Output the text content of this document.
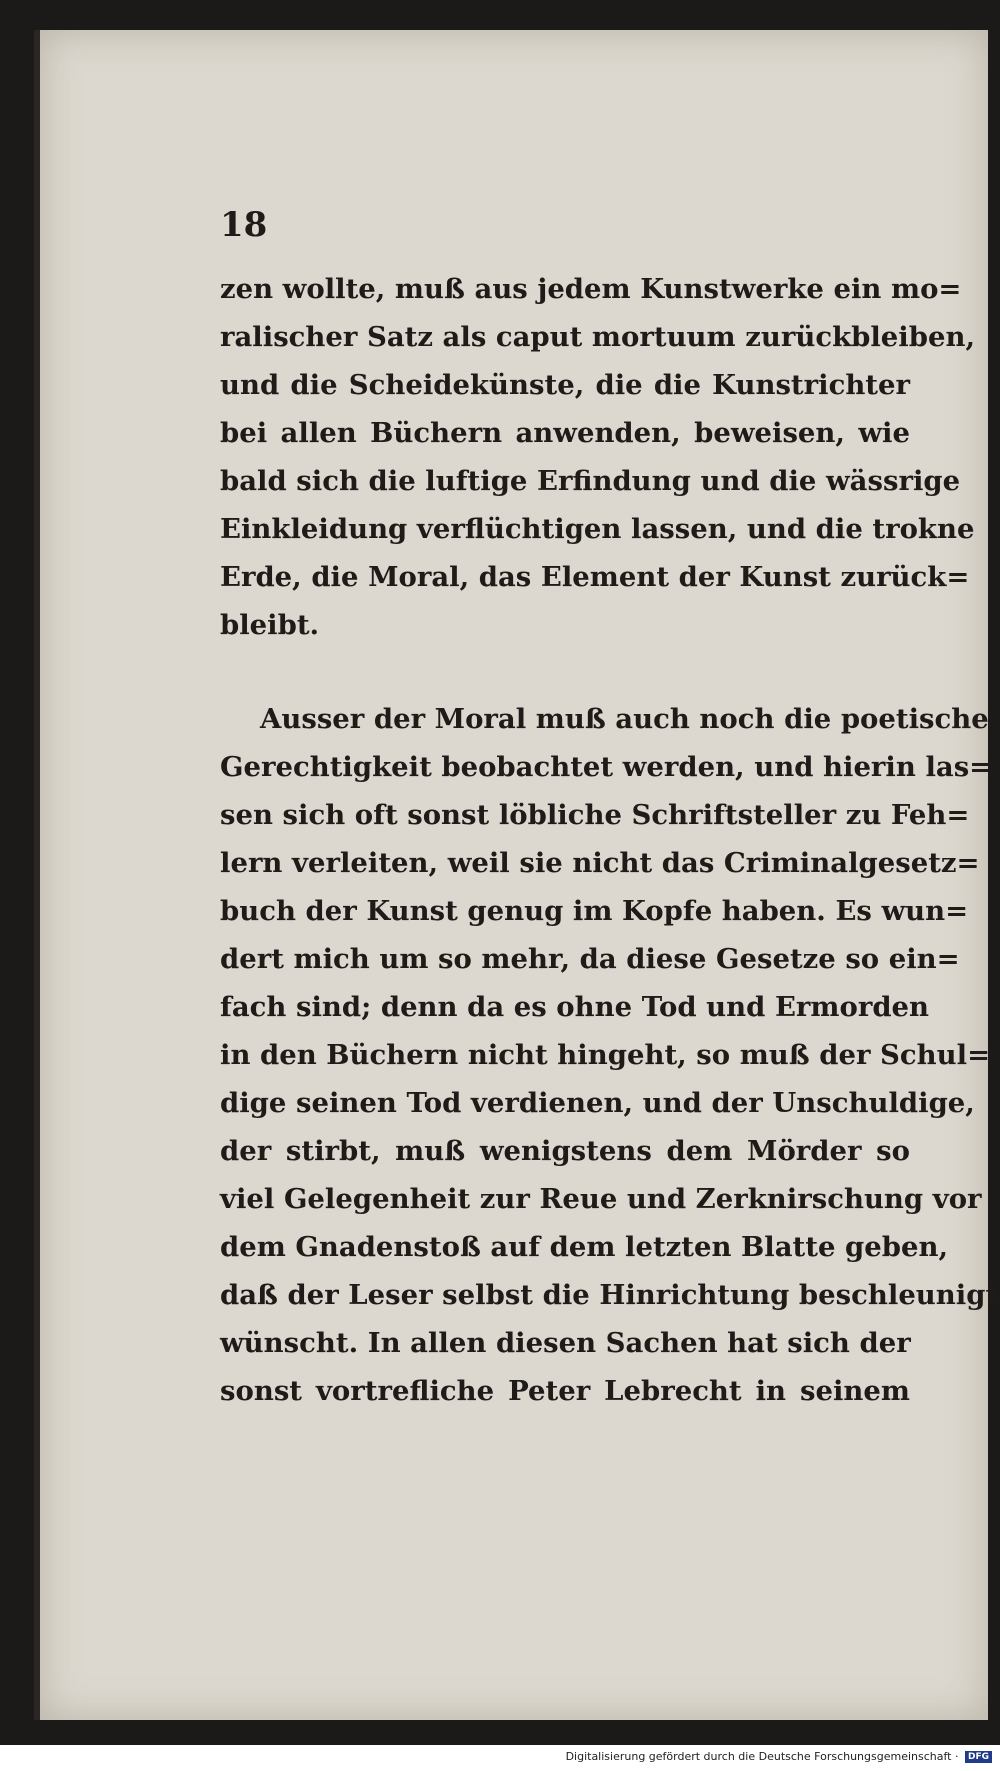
18
zen wollte, muß aus jedem Kunstwerke ein mo=
ralischer Satz als caput mortuum zurückbleiben,
und die Scheidekünste, die die Kunstrichter
bei allen Büchern anwenden, beweisen, wie
bald sich die luftige Erfindung und die wässrige
Einkleidung verflüchtigen lassen, und die trokne
Erde, die Moral, das Element der Kunst zurück=
bleibt.
Ausser der Moral muß auch noch die poetische
Gerechtigkeit beobachtet werden, und hierin las=
sen sich oft sonst löbliche Schriftsteller zu Feh=
lern verleiten, weil sie nicht das Criminalgesetz=
buch der Kunst genug im Kopfe haben. Es wun=
dert mich um so mehr, da diese Gesetze so ein=
fach sind; denn da es ohne Tod und Ermorden
in den Büchern nicht hingeht, so muß der Schul=
dige seinen Tod verdienen, und der Unschuldige,
der stirbt, muß wenigstens dem Mörder so
viel Gelegenheit zur Reue und Zerknirschung vor
dem Gnadenstoß auf dem letzten Blatte geben,
daß der Leser selbst die Hinrichtung beschleunigt
wünscht. In allen diesen Sachen hat sich der
sonst vortrefliche Peter Lebrecht in seinem
Digitalisierung gefördert durch die Deutsche Forschungsgemeinschaft · DFG
